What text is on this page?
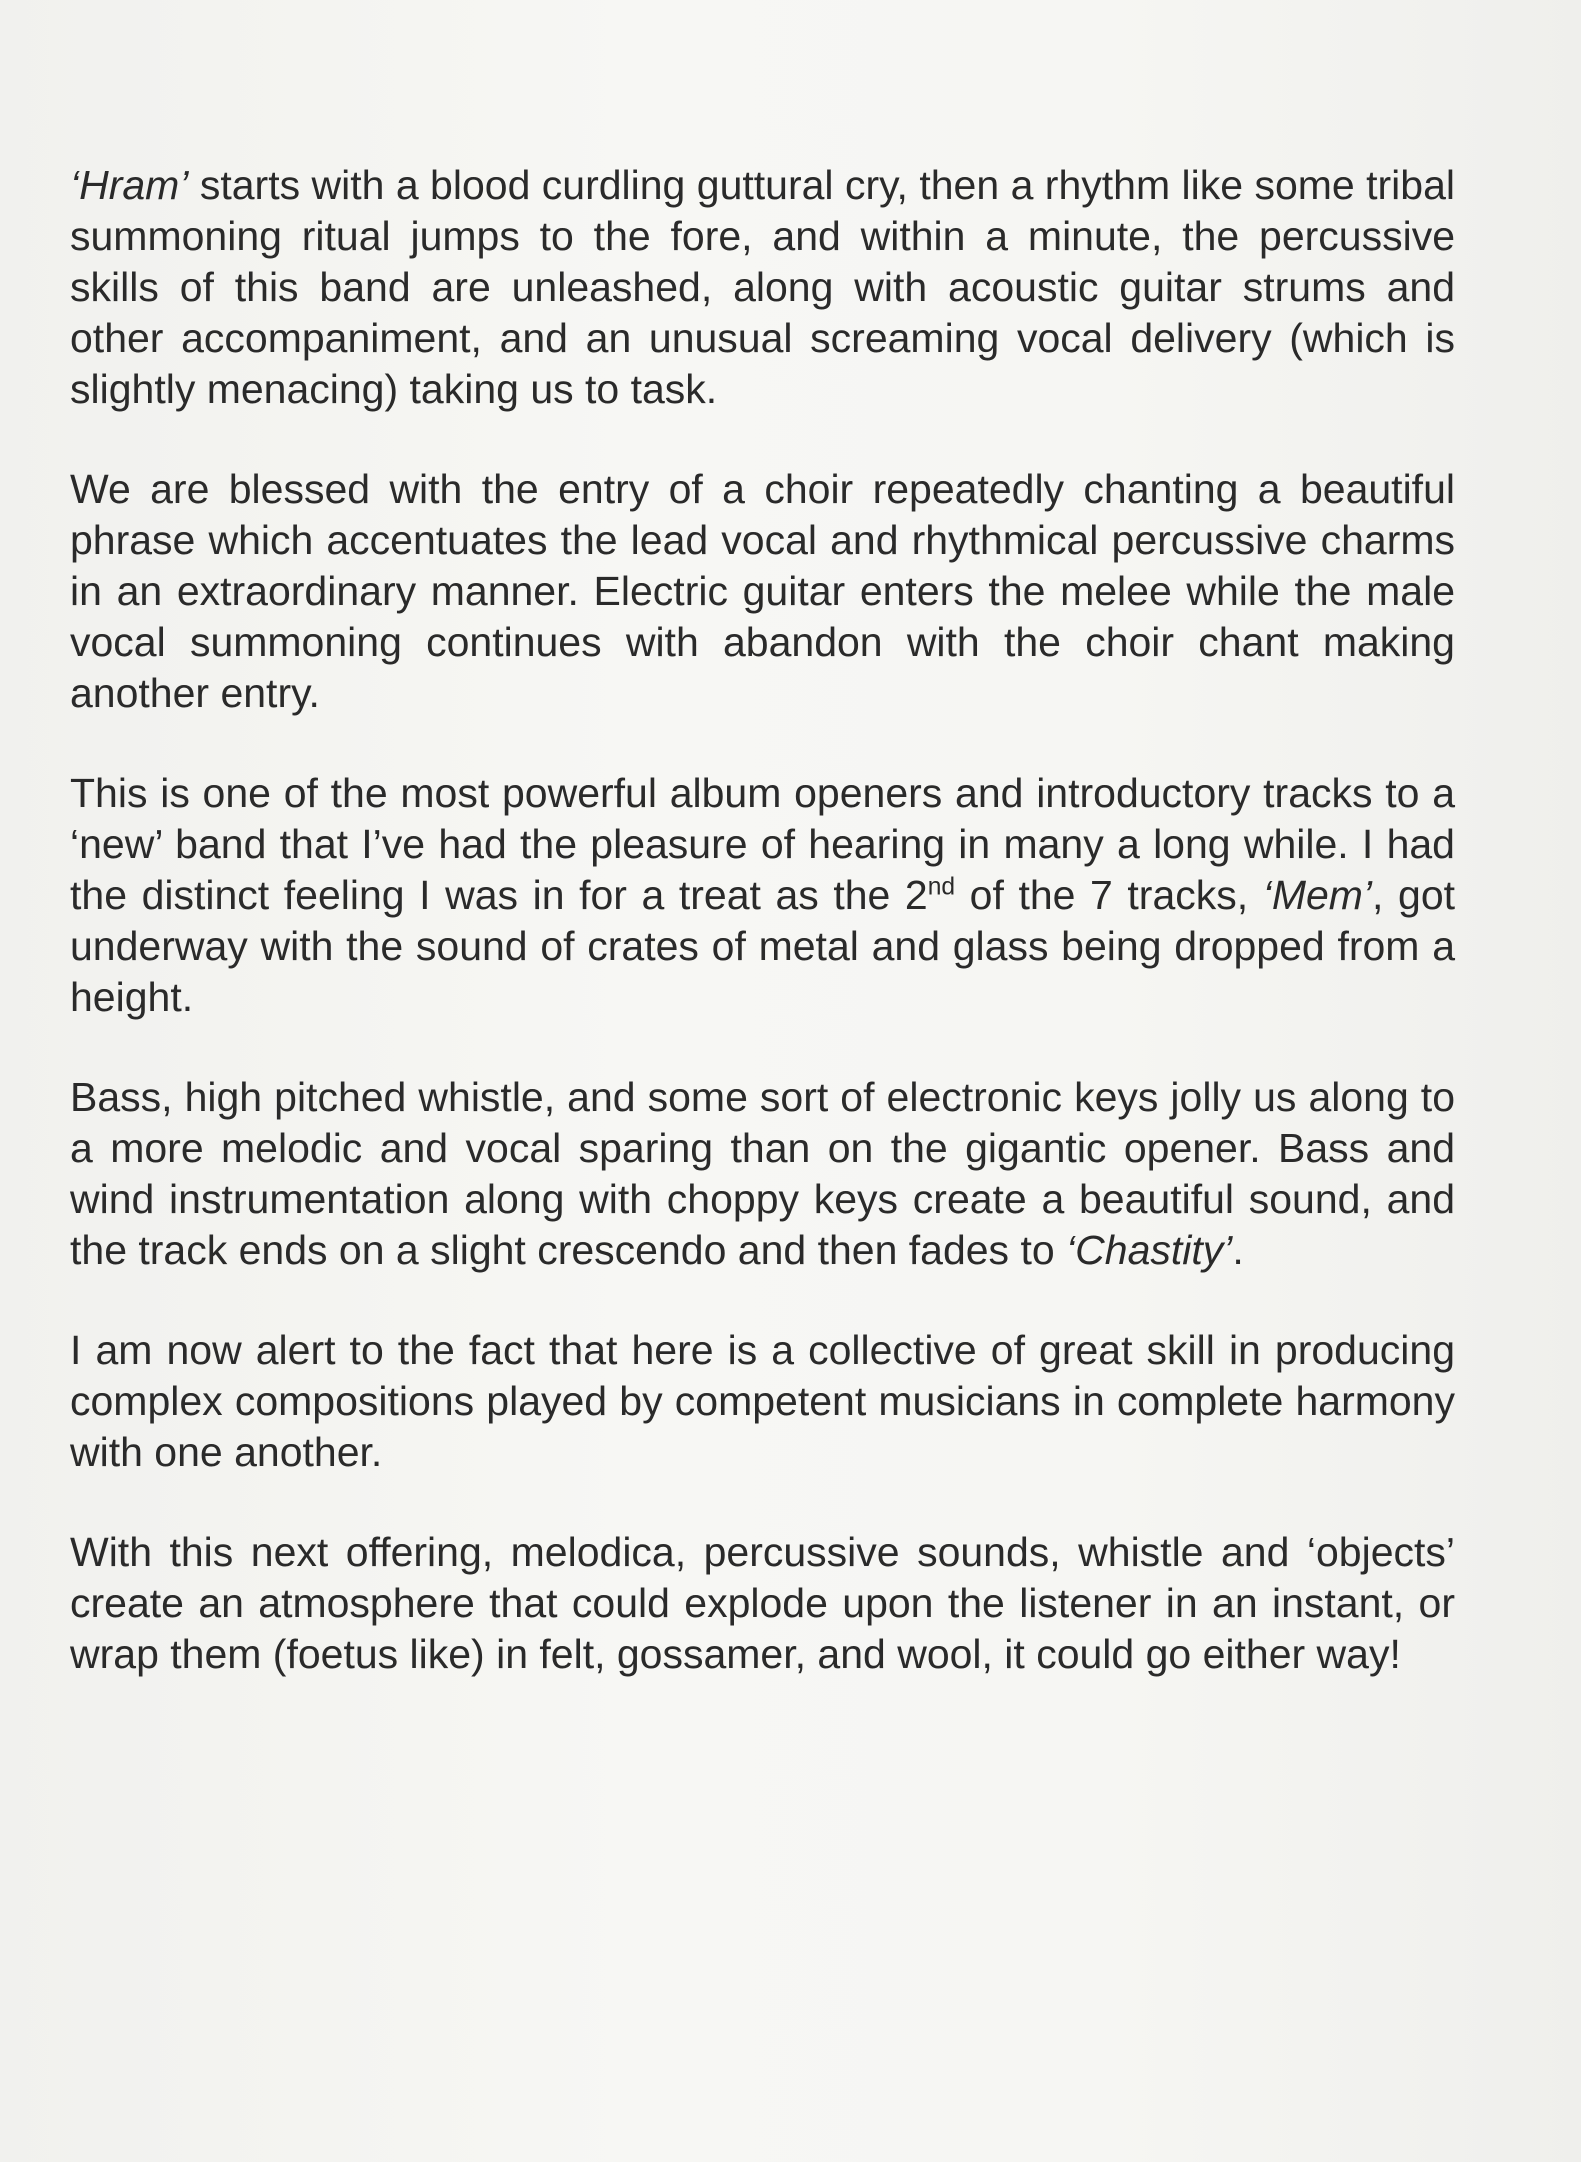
‘Hram’ starts with a blood curdling guttural cry, then a rhythm like some tribal summoning ritual jumps to the fore, and within a minute, the percussive skills of this band are unleashed, along with acoustic guitar strums and other accompaniment, and an unusual screaming vocal delivery (which is slightly menacing) taking us to task.

We are blessed with the entry of a choir repeatedly chanting a beautiful phrase which accentuates the lead vocal and rhythmical percussive charms in an extraordinary manner. Electric guitar enters the melee while the male vocal summoning continues with abandon with the choir chant making another entry.

This is one of the most powerful album openers and introductory tracks to a ‘new’ band that I’ve had the pleasure of hearing in many a long while. I had the distinct feeling I was in for a treat as the 2nd of the 7 tracks, ‘Mem’, got underway with the sound of crates of metal and glass being dropped from a height.

Bass, high pitched whistle, and some sort of electronic keys jolly us along to a more melodic and vocal sparing than on the gigantic opener. Bass and wind instrumentation along with choppy keys create a beautiful sound, and the track ends on a slight crescendo and then fades to ‘Chastity’.

I am now alert to the fact that here is a collective of great skill in producing complex compositions played by competent musicians in complete harmony with one another.

With this next offering, melodica, percussive sounds, whistle and ‘objects’ create an atmosphere that could explode upon the listener in an instant, or wrap them (foetus like) in felt, gossamer, and wool, it could go either way!
